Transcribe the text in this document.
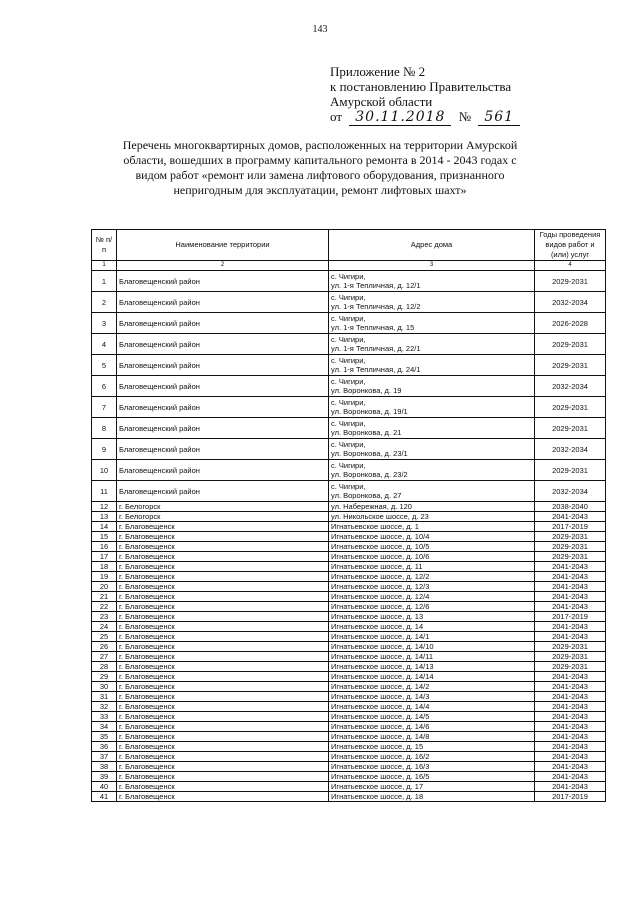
143
Приложение № 2
к постановлению Правительства
Амурской области
от 30.11.2018 № 561
Перечень многоквартирных домов, расположенных на территории Амурской области, вошедших в программу капитального ремонта в 2014 - 2043 годах с видом работ «ремонт или замена лифтового оборудования, признанного непригодным для эксплуатации, ремонт лифтовых шахт»
№ п/п	Наименование территории	Адрес дома	Годы проведения видов работ и (или) услуг
1	2	3	4
1	Благовещенский район	с. Чигири,
ул. 1-я Тепличная, д. 12/1	2029-2031
2	Благовещенский район	с. Чигири,
ул. 1-я Тепличная, д. 12/2	2032-2034
3	Благовещенский район	с. Чигири,
ул. 1-я Тепличная, д. 15	2026-2028
4	Благовещенский район	с. Чигири,
ул. 1-я Тепличная, д. 22/1	2029-2031
5	Благовещенский район	с. Чигири,
ул. 1-я Тепличная, д. 24/1	2029-2031
6	Благовещенский район	с. Чигири,
ул. Воронкова, д. 19	2032-2034
7	Благовещенский район	с. Чигири,
ул. Воронкова, д. 19/1	2029-2031
8	Благовещенский район	с. Чигири,
ул. Воронкова, д. 21	2029-2031
9	Благовещенский район	с. Чигири,
ул. Воронкова, д. 23/1	2032-2034
10	Благовещенский район	с. Чигири,
ул. Воронкова, д. 23/2	2029-2031
11	Благовещенский район	с. Чигири,
ул. Воронкова, д. 27	2032-2034
12	г. Белогорск	ул. Набережная, д. 120	2038-2040
13	г. Белогорск	ул. Никольское шоссе, д. 23	2041-2043
14	г. Благовещенск	Игнатьевское шоссе, д. 1	2017-2019
15	г. Благовещенск	Игнатьевское шоссе, д. 10/4	2029-2031
16	г. Благовещенск	Игнатьевское шоссе, д. 10/5	2029-2031
17	г. Благовещенск	Игнатьевское шоссе, д. 10/6	2029-2031
18	г. Благовещенск	Игнатьевское шоссе, д. 11	2041-2043
19	г. Благовещенск	Игнатьевское шоссе, д. 12/2	2041-2043
20	г. Благовещенск	Игнатьевское шоссе, д. 12/3	2041-2043
21	г. Благовещенск	Игнатьевское шоссе, д. 12/4	2041-2043
22	г. Благовещенск	Игнатьевское шоссе, д. 12/6	2041-2043
23	г. Благовещенск	Игнатьевское шоссе, д. 13	2017-2019
24	г. Благовещенск	Игнатьевское шоссе, д. 14	2041-2043
25	г. Благовещенск	Игнатьевское шоссе, д. 14/1	2041-2043
26	г. Благовещенск	Игнатьевское шоссе, д. 14/10	2029-2031
27	г. Благовещенск	Игнатьевское шоссе, д. 14/11	2029-2031
28	г. Благовещенск	Игнатьевское шоссе, д. 14/13	2029-2031
29	г. Благовещенск	Игнатьевское шоссе, д. 14/14	2041-2043
30	г. Благовещенск	Игнатьевское шоссе, д. 14/2	2041-2043
31	г. Благовещенск	Игнатьевское шоссе, д. 14/3	2041-2043
32	г. Благовещенск	Игнатьевское шоссе, д. 14/4	2041-2043
33	г. Благовещенск	Игнатьевское шоссе, д. 14/5	2041-2043
34	г. Благовещенск	Игнатьевское шоссе, д. 14/6	2041-2043
35	г. Благовещенск	Игнатьевское шоссе, д. 14/8	2041-2043
36	г. Благовещенск	Игнатьевское шоссе, д. 15	2041-2043
37	г. Благовещенск	Игнатьевское шоссе, д. 16/2	2041-2043
38	г. Благовещенск	Игнатьевское шоссе, д. 16/3	2041-2043
39	г. Благовещенск	Игнатьевское шоссе, д. 16/5	2041-2043
40	г. Благовещенск	Игнатьевское шоссе, д. 17	2041-2043
41	г. Благовещенск	Игнатьевское шоссе, д. 18	2017-2019
